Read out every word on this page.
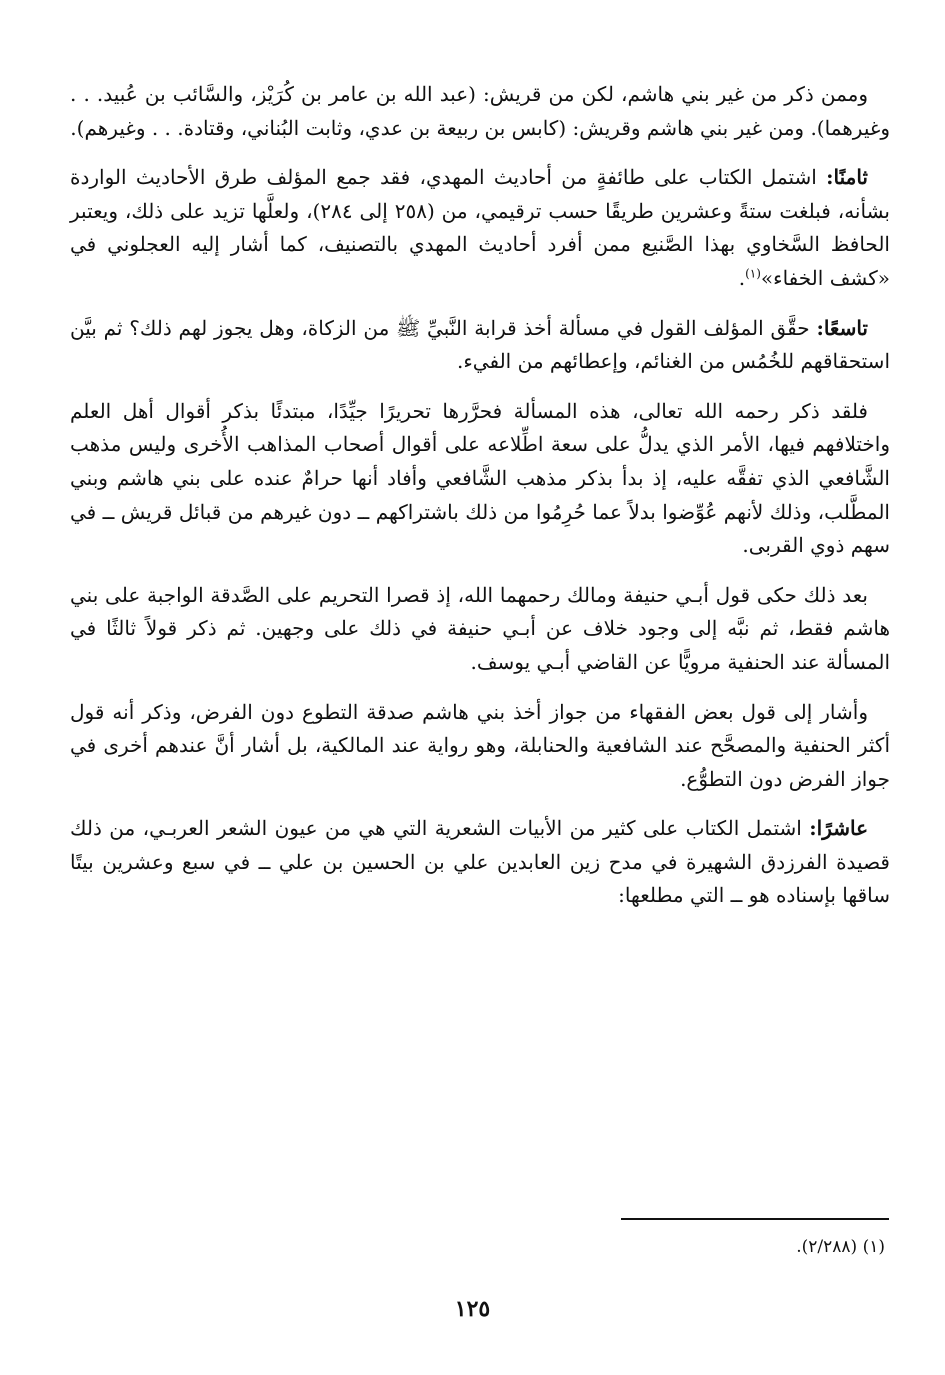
وممن ذكر من غير بني هاشم، لكن من قريش: (عبد الله بن عامر بن كُرَيْز، والسَّائب بن عُبيد. . . وغيرهما). ومن غير بني هاشم وقريش: (كابس بن ربيعة بن عدي، وثابت البُناني، وقتادة. . . وغيرهم).

ثامنًا: اشتمل الكتاب على طائفةٍ من أحاديث المهدي، فقد جمع المؤلف طرق الأحاديث الواردة بشأنه، فبلغت ستةً وعشرين طريقًا حسب ترقيمي، من (٢٥٨ إلى ٢٨٤)، ولعلَّها تزيد على ذلك، ويعتبر الحافظ السَّخاوي بهذا الصَّنيع ممن أفرد أحاديث المهدي بالتصنيف، كما أشار إليه العجلوني في «كشف الخفاء»$^{(١)}$.

تاسعًا: حقَّق المؤلف القول في مسألة أخذ قرابة النَّبيِّ ﷺ من الزكاة، وهل يجوز لهم ذلك؟ ثم بيَّن استحقاقهم للخُمُس من الغنائم، وإعطائهم من الفيء.

فلقد ذكر رحمه الله تعالى، هذه المسألة فحرَّرها تحريرًا جيِّدًا، مبتدئًا بذكر أقوال أهل العلم واختلافهم فيها، الأمر الذي يدلُّ على سعة اطِّلاعه على أقوال أصحاب المذاهب الأُخرى وليس مذهب الشَّافعي الذي تفقَّه عليه، إذ بدأ بذكر مذهب الشَّافعي وأفاد أنها حرامٌ عنده على بني هاشم وبني المطَّلب، وذلك لأنهم عُوِّضوا بدلاً عما حُرِمُوا من ذلك باشتراكهم ــ دون غيرهم من قبائل قريش ــ في سهم ذوي القربى.

بعد ذلك حكى قول أبـي حنيفة ومالك رحمهما الله، إذ قصرا التحريم على الصَّدقة الواجبة على بني هاشم فقط، ثم نبَّه إلى وجود خلاف عن أبـي حنيفة في ذلك على وجهين. ثم ذكر قولاً ثالثًا في المسألة عند الحنفية مرويًّا عن القاضي أبـي يوسف.

وأشار إلى قول بعض الفقهاء من جواز أخذ بني هاشم صدقة التطوع دون الفرض، وذكر أنه قول أكثر الحنفية والمصحَّح عند الشافعية والحنابلة، وهو رواية عند المالكية، بل أشار أنَّ عندهم أخرى في جواز الفرض دون التطوُّع.

عاشرًا: اشتمل الكتاب على كثير من الأبيات الشعرية التي هي من عيون الشعر العربـي، من ذلك قصيدة الفرزدق الشهيرة في مدح زين العابدين علي بن الحسين بن علي ــ في سبع وعشرين بيتًا ساقها بإسناده هو ــ التي مطلعها:

(١) (٢/٢٨٨).
١٢٥
